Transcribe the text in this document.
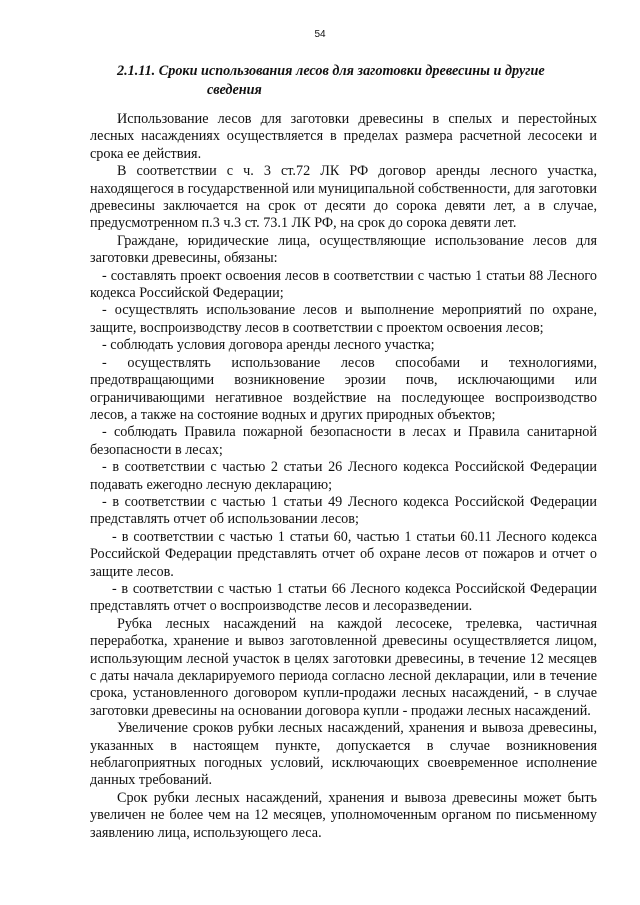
54
2.1.11. Сроки использования лесов для заготовки древесины и другие
сведения

Использование лесов для заготовки древесины в спелых и перестойных лесных насаждениях осуществляется в пределах размера расчетной лесосеки и срока ее действия.

В соответствии с ч. 3 ст.72 ЛК РФ договор аренды лесного участка, находящегося в государственной или муниципальной собственности, для заготовки древесины заключается на срок от десяти до сорока девяти лет, а в случае, предусмотренном п.3 ч.3 ст. 73.1 ЛК РФ, на срок до сорока девяти лет.

Граждане, юридические лица, осуществляющие использование лесов для заготовки древесины, обязаны:

- составлять проект освоения лесов в соответствии с частью 1 статьи 88 Лесного кодекса Российской Федерации;

- осуществлять использование лесов и выполнение мероприятий по охране, защите, воспроизводству лесов в соответствии с проектом освоения лесов;

- соблюдать условия договора аренды лесного участка;

- осуществлять использование лесов способами и технологиями, предотвращающими возникновение эрозии почв, исключающими или ограничивающими негативное воздействие на последующее воспроизводство лесов, а также на состояние водных и других природных объектов;

- соблюдать Правила пожарной безопасности в лесах и Правила санитарной безопасности в лесах;

- в соответствии с частью 2 статьи 26 Лесного кодекса Российской Федерации подавать ежегодно лесную декларацию;

- в соответствии с частью 1 статьи 49 Лесного кодекса Российской Федерации представлять отчет об использовании лесов;

- в соответствии с частью 1 статьи 60, частью 1 статьи 60.11 Лесного кодекса Российской Федерации представлять отчет об охране лесов от пожаров и отчет о защите лесов.

- в соответствии с частью 1 статьи 66 Лесного кодекса Российской Федерации представлять отчет о воспроизводстве лесов и лесоразведении.

Рубка лесных насаждений на каждой лесосеке, трелевка, частичная переработка, хранение и вывоз заготовленной древесины осуществляется лицом, использующим лесной участок в целях заготовки древесины, в течение 12 месяцев с даты начала декларируемого периода согласно лесной декларации, или в течение срока, установленного договором купли-продажи лесных насаждений, - в случае заготовки древесины на основании договора купли - продажи лесных насаждений.

Увеличение сроков рубки лесных насаждений, хранения и вывоза древесины, указанных в настоящем пункте, допускается в случае возникновения неблагоприятных погодных условий, исключающих своевременное исполнение данных требований.

Срок рубки лесных насаждений, хранения и вывоза древесины может быть увеличен не более чем на 12 месяцев, уполномоченным органом по письменному заявлению лица, использующего леса.
